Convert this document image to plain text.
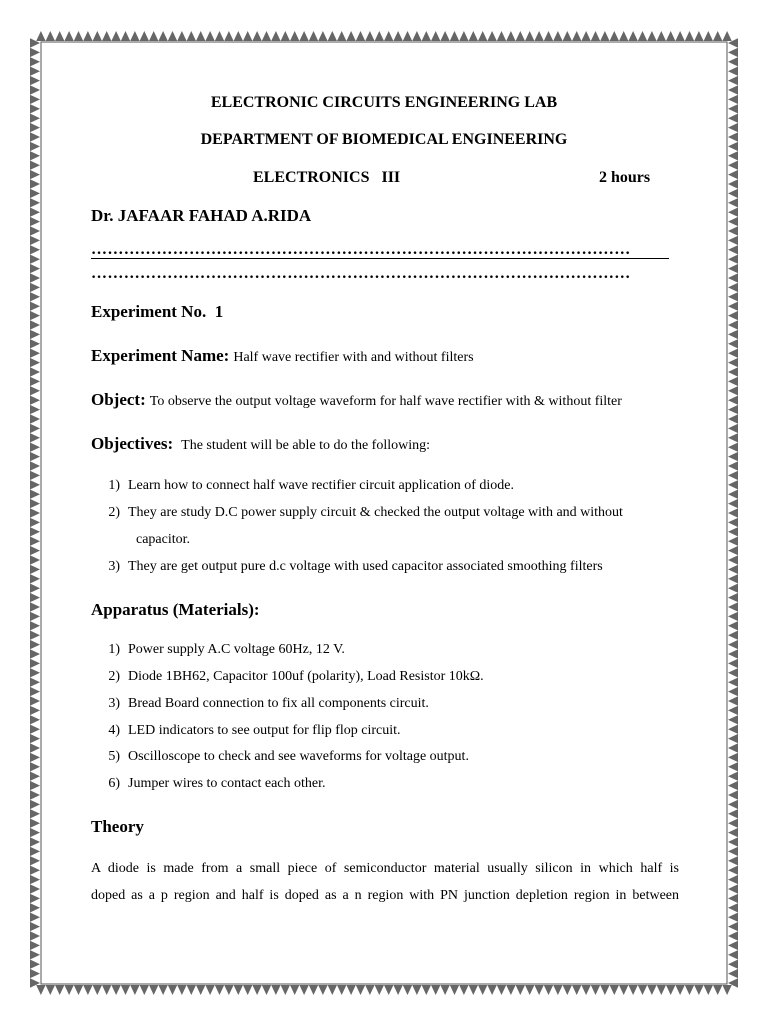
ELECTRONIC CIRCUITS ENGINEERING LAB
DEPARTMENT OF BIOMEDICAL ENGINEERING
ELECTRONICS   III	2 hours
Dr. JAFAAR FAHAD A.RIDA
………………………………………………………………………………………
………………………………………………………………………………………
Experiment No.  1
Experiment Name: Half wave rectifier with and without filters
Object: To observe the output voltage waveform for half wave rectifier with & without filter
Objectives: The student will be able to do the following:
1) Learn how to connect half wave rectifier circuit application of diode.
2) They are study D.C power supply circuit & checked the output voltage with and without
capacitor.
3) They are get output pure d.c voltage with used capacitor associated smoothing filters
Apparatus (Materials):
1) Power supply A.C voltage 60Hz, 12 V.
2) Diode 1BH62, Capacitor 100uf (polarity), Load Resistor 10kΩ.
3) Bread Board connection to fix all components circuit.
4) LED indicators to see output for flip flop circuit.
5) Oscilloscope to check and see waveforms for voltage output.
6) Jumper wires to contact each other.
Theory
A diode is made from a small piece of semiconductor material usually silicon in which half is
doped as a p region and half is doped as a n region with PN junction depletion region in between
